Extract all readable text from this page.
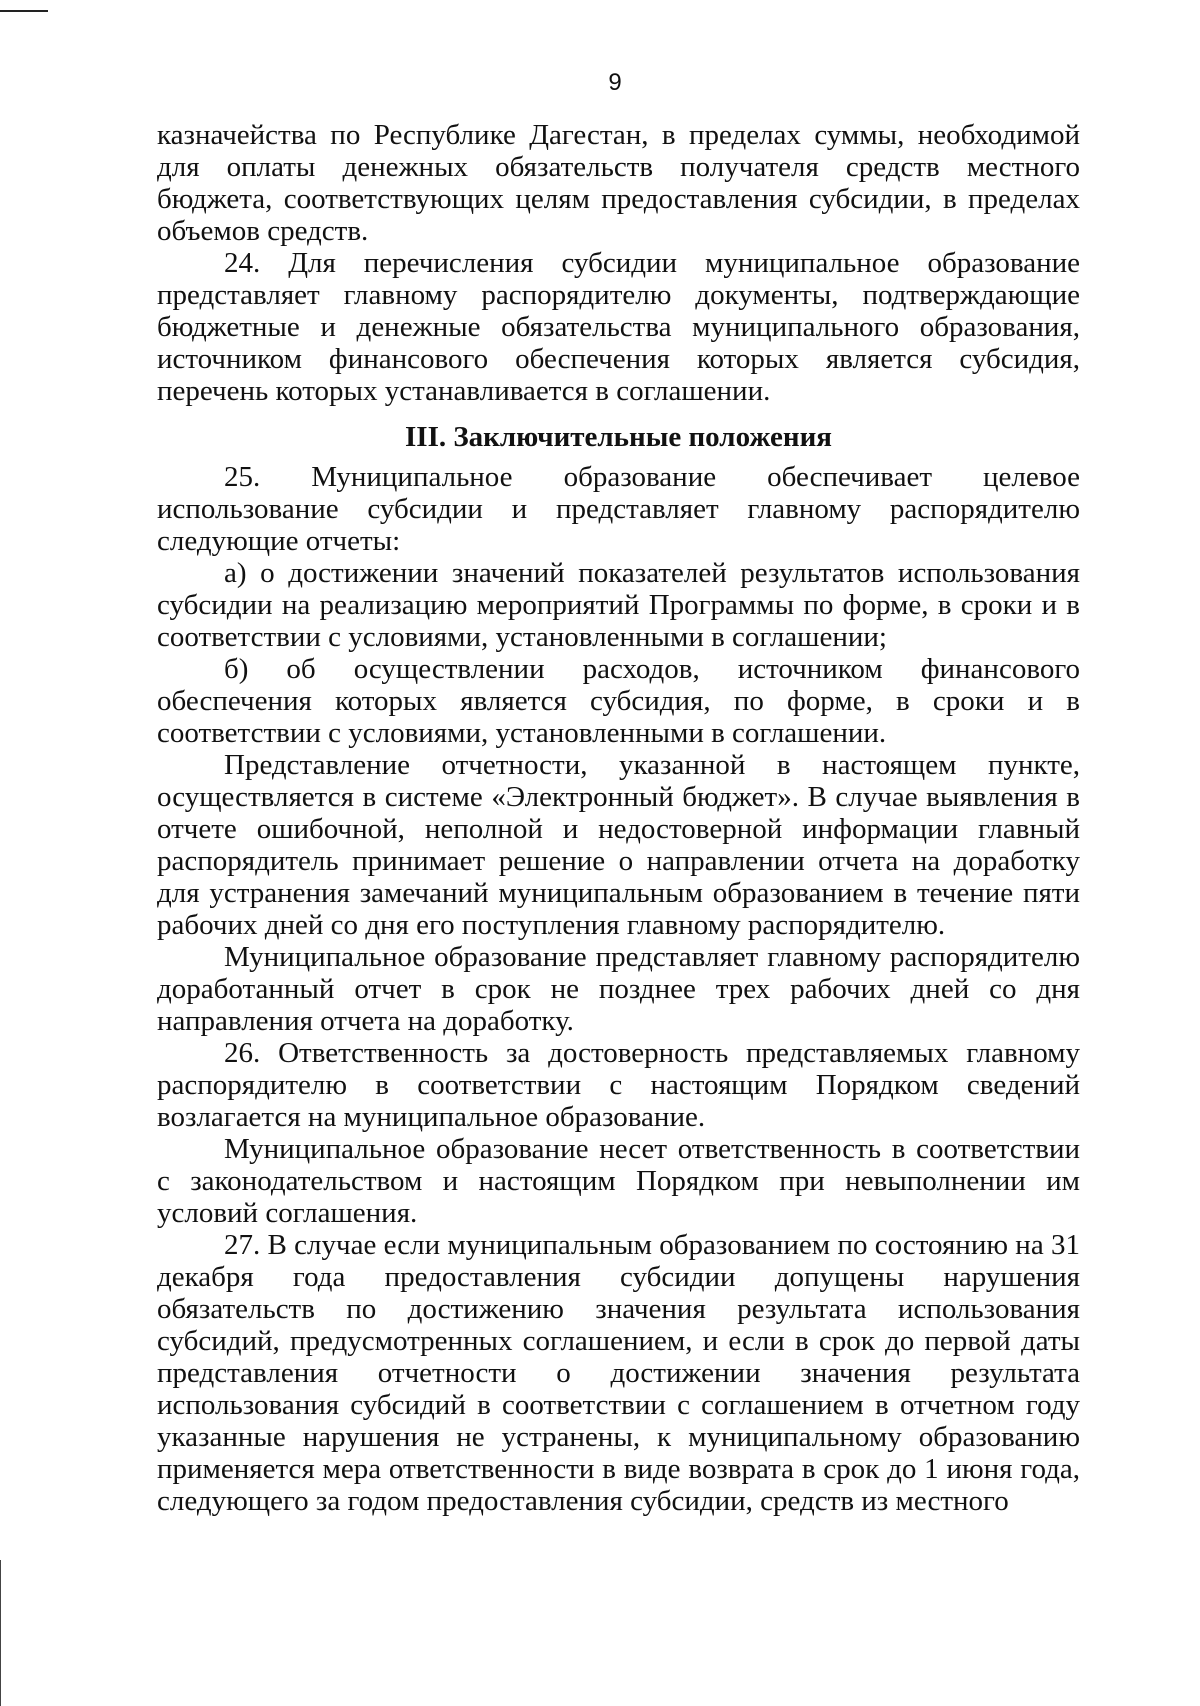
9

казначейства по Республике Дагестан, в пределах суммы, необходимой для оплаты денежных обязательств получателя средств местного бюджета, соответствующих целям предоставления субсидии, в пределах объемов средств.

24. Для перечисления субсидии муниципальное образование представляет главному распорядителю документы, подтверждающие бюджетные и денежные обязательства муниципального образования, источником финансового обеспечения которых является субсидия, перечень которых устанавливается в соглашении.

III. Заключительные положения

25. Муниципальное образование обеспечивает целевое использование субсидии и представляет главному распорядителю следующие отчеты:

а) о достижении значений показателей результатов использования субсидии на реализацию мероприятий Программы по форме, в сроки и в соответствии с условиями, установленными в соглашении;

б) об осуществлении расходов, источником финансового обеспечения которых является субсидия, по форме, в сроки и в соответствии с условиями, установленными в соглашении.

Представление отчетности, указанной в настоящем пункте, осуществляется в системе «Электронный бюджет». В случае выявления в отчете ошибочной, неполной и недостоверной информации главный распорядитель принимает решение о направлении отчета на доработку для устранения замечаний муниципальным образованием в течение пяти рабочих дней со дня его поступления главному распорядителю.

Муниципальное образование представляет главному распорядителю доработанный отчет в срок не позднее трех рабочих дней со дня направления отчета на доработку.

26. Ответственность за достоверность представляемых главному распорядителю в соответствии с настоящим Порядком сведений возлагается на муниципальное образование.

Муниципальное образование несет ответственность в соответствии с законодательством и настоящим Порядком при невыполнении им условий соглашения.

27. В случае если муниципальным образованием по состоянию на 31 декабря года предоставления субсидии допущены нарушения обязательств по достижению значения результата использования субсидий, предусмотренных соглашением, и если в срок до первой даты представления отчетности о достижении значения результата использования субсидий в соответствии с соглашением в отчетном году указанные нарушения не устранены, к муниципальному образованию применяется мера ответственности в виде возврата в срок до 1 июня года, следующего за годом предоставления субсидии, средств из местного
